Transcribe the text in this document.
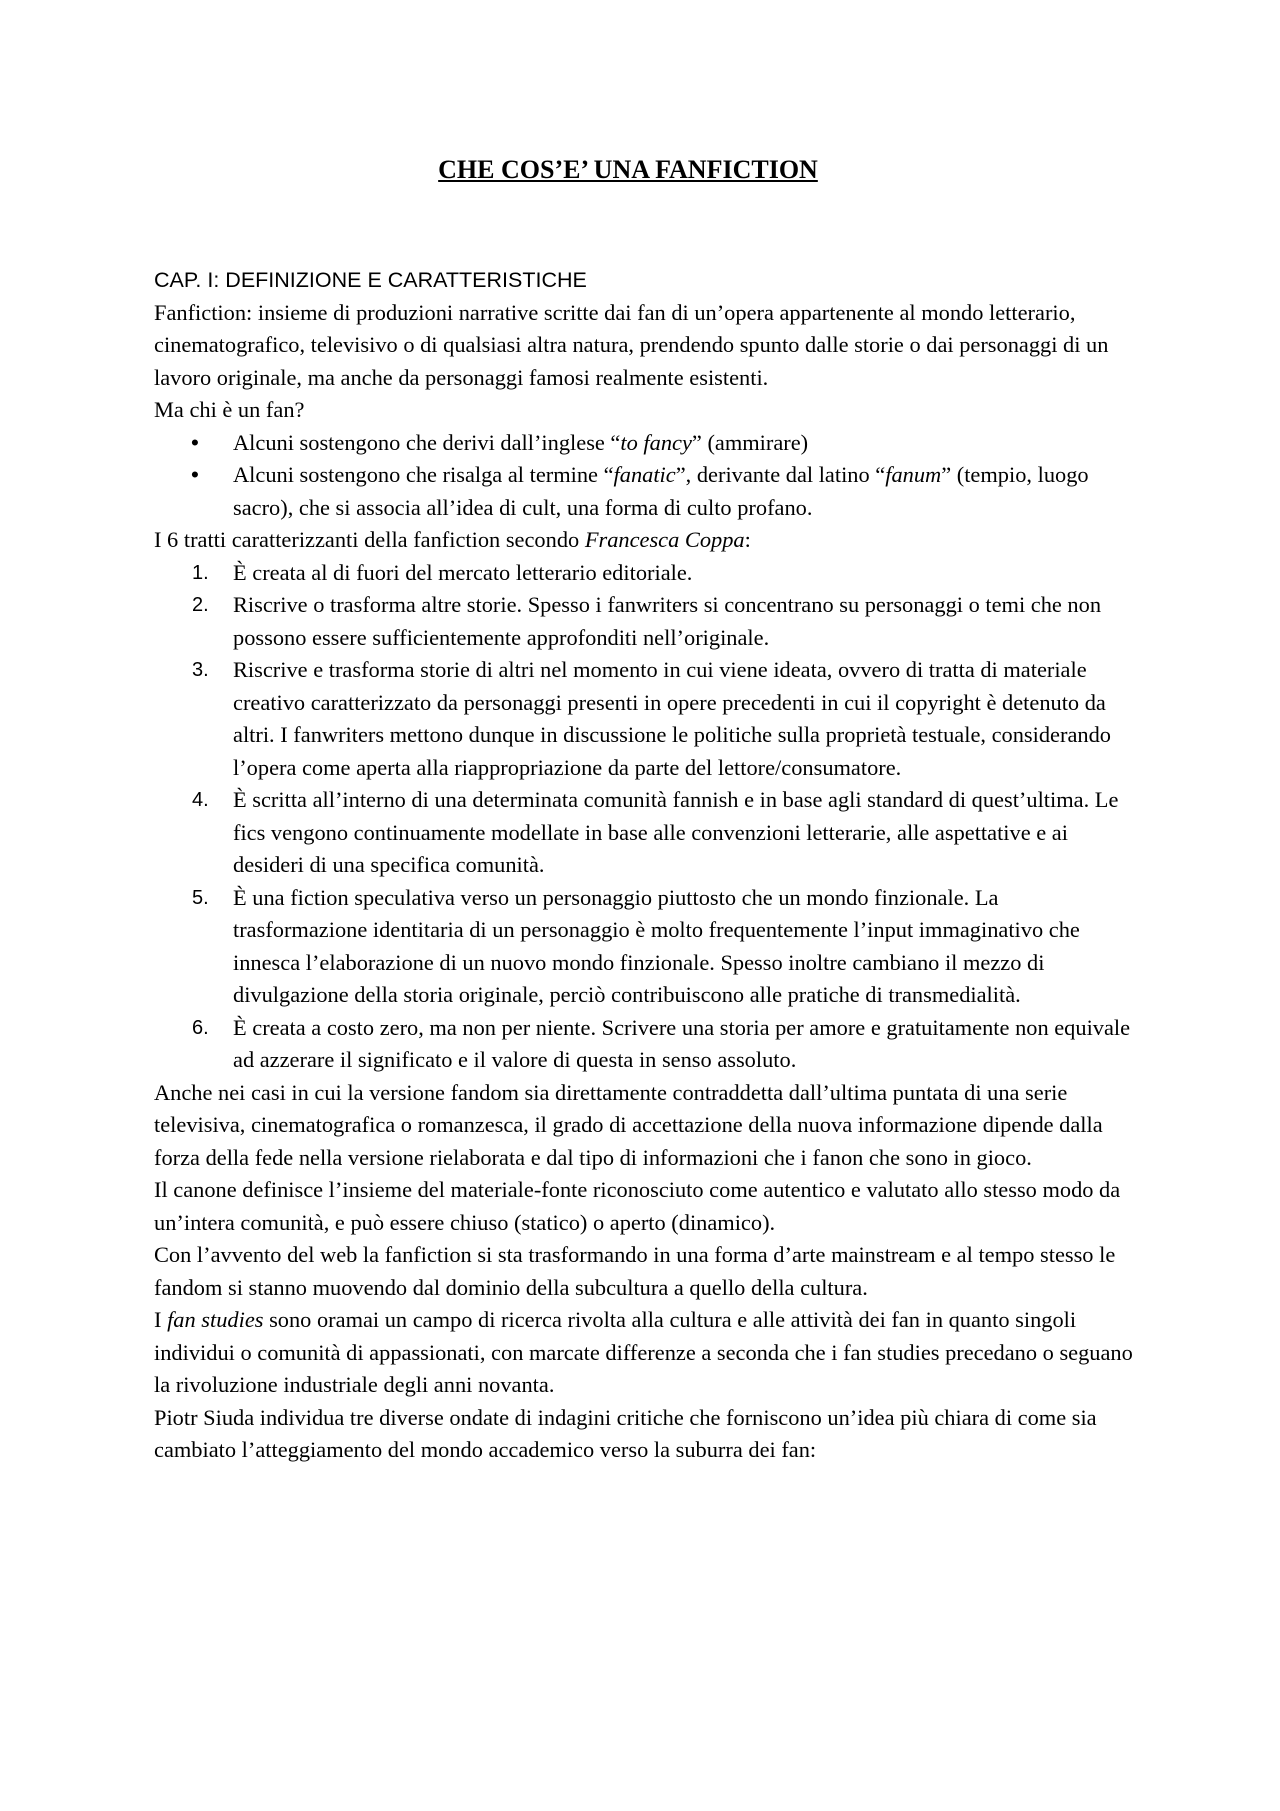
CHE COS’E’ UNA FANFICTION

CAP. I: DEFINIZIONE E CARATTERISTICHE

Fanfiction: insieme di produzioni narrative scritte dai fan di un’opera appartenente al mondo letterario, cinematografico, televisivo o di qualsiasi altra natura, prendendo spunto dalle storie o dai personaggi di un lavoro originale, ma anche da personaggi famosi realmente esistenti.

Ma chi è un fan?

• Alcuni sostengono che derivi dall’inglese “to fancy” (ammirare)
• Alcuni sostengono che risalga al termine “fanatic”, derivante dal latino “fanum” (tempio, luogo sacro), che si associa all’idea di cult, una forma di culto profano.

I 6 tratti caratterizzanti della fanfiction secondo Francesca Coppa:

È creata al di fuori del mercato letterario editoriale.
Riscrive o trasforma altre storie. Spesso i fanwriters si concentrano su personaggi o temi che non possono essere sufficientemente approfonditi nell’originale.
Riscrive e trasforma storie di altri nel momento in cui viene ideata, ovvero di tratta di materiale creativo caratterizzato da personaggi presenti in opere precedenti in cui il copyright è detenuto da altri. I fanwriters mettono dunque in discussione le politiche sulla proprietà testuale, considerando l’opera come aperta alla riappropriazione da parte del lettore/consumatore.
È scritta all’interno di una determinata comunità fannish e in base agli standard di quest’ultima. Le fics vengono continuamente modellate in base alle convenzioni letterarie, alle aspettative e ai desideri di una specifica comunità.
È una fiction speculativa verso un personaggio piuttosto che un mondo finzionale. La trasformazione identitaria di un personaggio è molto frequentemente l’input immaginativo che innesca l’elaborazione di un nuovo mondo finzionale. Spesso inoltre cambiano il mezzo di divulgazione della storia originale, perciò contribuiscono alle pratiche di transmedialità.
È creata a costo zero, ma non per niente. Scrivere una storia per amore e gratuitamente non equivale ad azzerare il significato e il valore di questa in senso assoluto.

Anche nei casi in cui la versione fandom sia direttamente contraddetta dall’ultima puntata di una serie televisiva, cinematografica o romanzesca, il grado di accettazione della nuova informazione dipende dalla forza della fede nella versione rielaborata e dal tipo di informazioni che i fanon che sono in gioco.

Il canone definisce l’insieme del materiale-fonte riconosciuto come autentico e valutato allo stesso modo da un’intera comunità, e può essere chiuso (statico) o aperto (dinamico).

Con l’avvento del web la fanfiction si sta trasformando in una forma d’arte mainstream e al tempo stesso le fandom si stanno muovendo dal dominio della subcultura a quello della cultura.

I fan studies sono oramai un campo di ricerca rivolta alla cultura e alle attività dei fan in quanto singoli individui o comunità di appassionati, con marcate differenze a seconda che i fan studies precedano o seguano la rivoluzione industriale degli anni novanta.

Piotr Siuda individua tre diverse ondate di indagini critiche che forniscono un’idea più chiara di come sia cambiato l’atteggiamento del mondo accademico verso la suburra dei fan:
